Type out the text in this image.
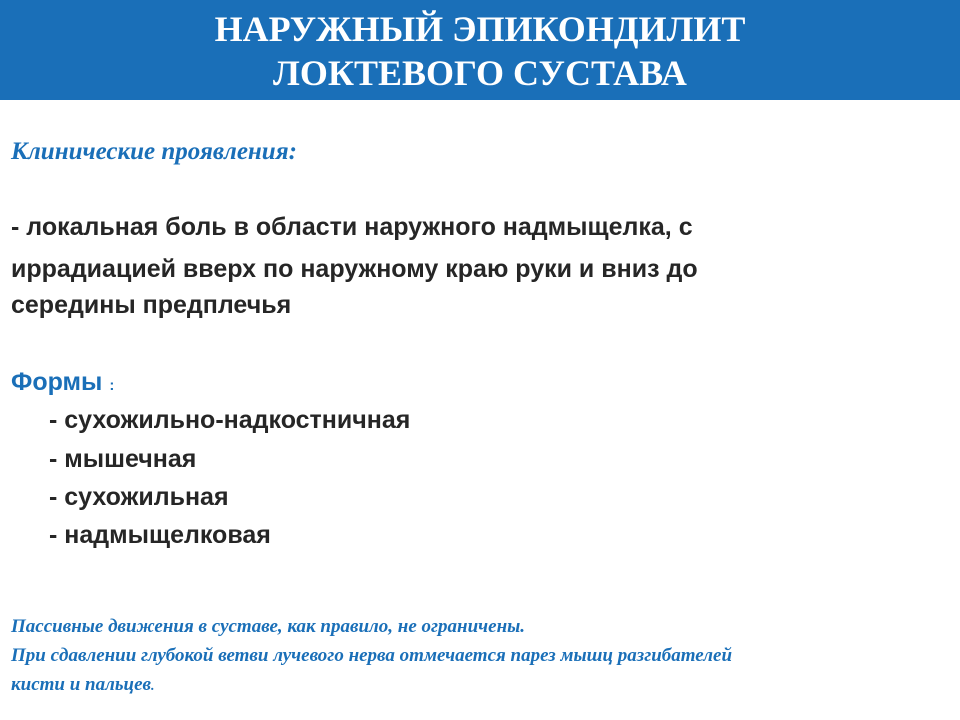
НАРУЖНЫЙ ЭПИКОНДИЛИТ
ЛОКТЕВОГО СУСТАВА
Клинические проявления:
- локальная боль в области наружного надмыщелка, с
иррадиацией вверх по наружному краю руки и вниз до
середины предплечья
Формы :
- сухожильно-надкостничная
- мышечная
- сухожильная
- надмыщелковая
Пассивные движения в суставе, как правило, не ограничены.
При сдавлении глубокой ветви лучевого нерва отмечается парез мышц разгибателей
кисти и пальцев.
